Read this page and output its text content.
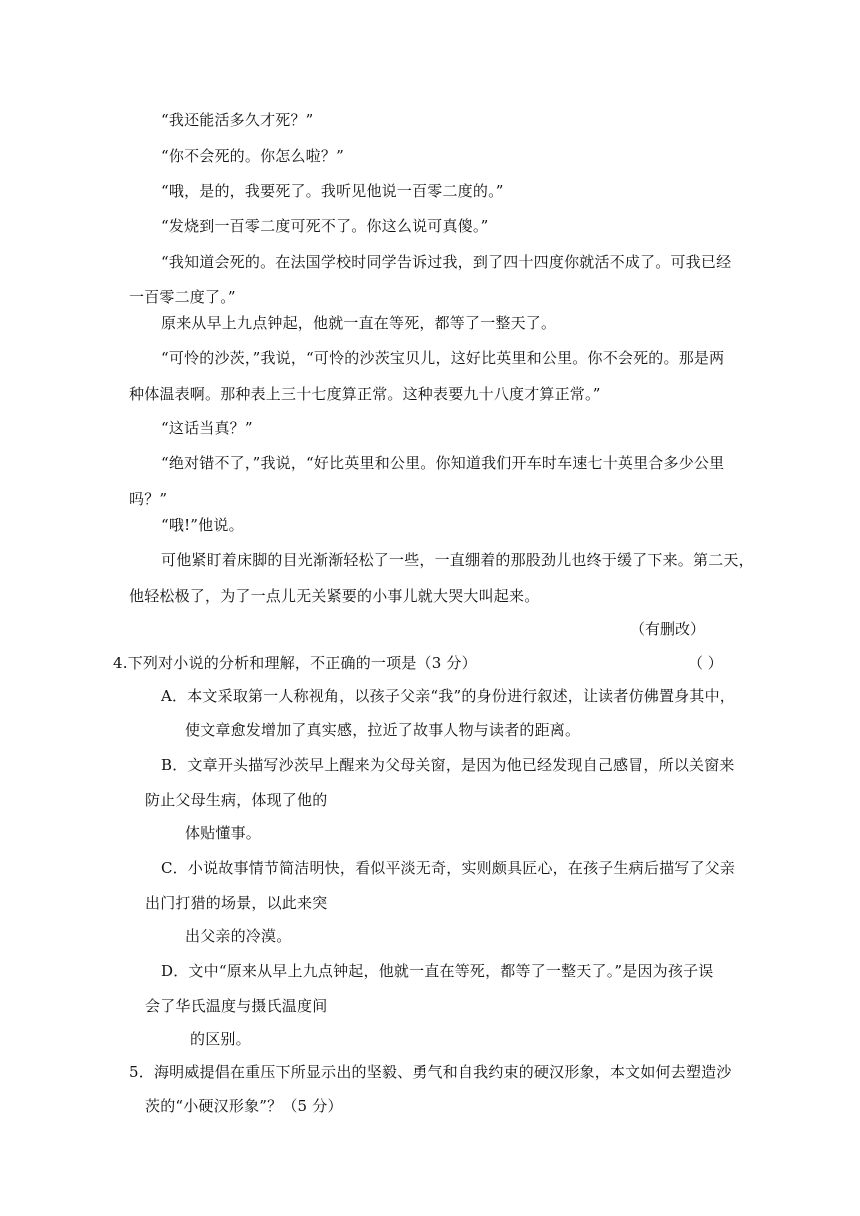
“我还能活多久才死？”
“你不会死的。你怎么啦？”
“哦，是的，我要死了。我听见他说一百零二度的。”
“发烧到一百零二度可死不了。你这么说可真傻。”
“我知道会死的。在法国学校时同学告诉过我，到了四十四度你就活不成了。可我已经
一百零二度了。”
原来从早上九点钟起，他就一直在等死，都等了一整天了。
“可怜的沙茨，”我说，“可怜的沙茨宝贝儿，这好比英里和公里。你不会死的。那是两
种体温表啊。那种表上三十七度算正常。这种表要九十八度才算正常。”
“这话当真？”
“绝对错不了，”我说，“好比英里和公里。你知道我们开车时车速七十英里合多少公里
吗？”
“哦!”他说。
可他紧盯着床脚的目光渐渐轻松了一些，一直绷着的那股劲儿也终于缓了下来。第二天，
他轻松极了，为了一点儿无关紧要的小事儿就大哭大叫起来。
（有删改）
4.下列对小说的分析和理解，不正确的一项是（3 分）	（ ）
A．本文采取第一人称视角，以孩子父亲“我”的身份进行叙述，让读者仿佛置身其中，
使文章愈发增加了真实感，拉近了故事人物与读者的距离。
B．文章开头描写沙茨早上醒来为父母关窗，是因为他已经发现自己感冒，所以关窗来
防止父母生病，体现了他的
体贴懂事。
C．小说故事情节简洁明快，看似平淡无奇，实则颇具匠心，在孩子生病后描写了父亲
出门打猎的场景，以此来突
出父亲的冷漠。
D．文中“原来从早上九点钟起，他就一直在等死，都等了一整天了。”是因为孩子误
会了华氏温度与摄氏温度间
的区别。
5．海明威提倡在重压下所显示出的坚毅、勇气和自我约束的硬汉形象，本文如何去塑造沙
茨的“小硬汉形象”？（5 分）
